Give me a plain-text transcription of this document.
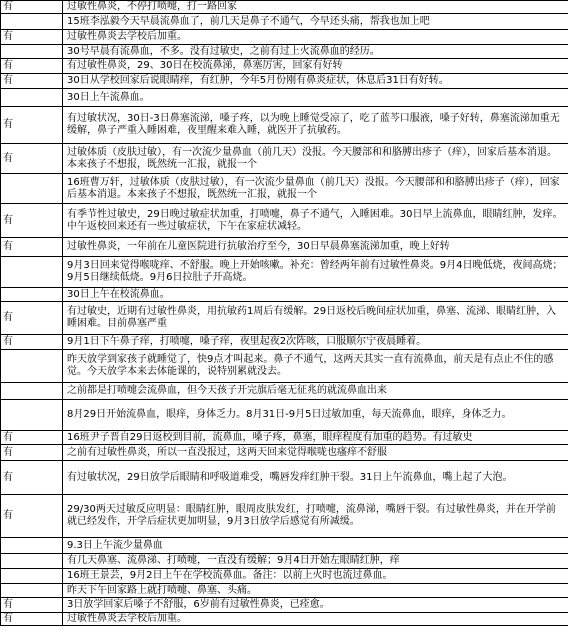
有	过敏性鼻炎，不停打喷嚏，打一路回家
	15班李泓毅今天早晨流鼻血了，前几天是鼻子不通气，今早还头痛，帮我也加上吧
有	过敏性鼻炎去学校后加重。
	30号早晨有流鼻血，不多。没有过敏史，之前有过上火流鼻血的经历。
有	有过敏性鼻炎，29、30日在校流鼻涕，鼻塞厉害，回家有好转
有	30日从学校回家后说眼睛痒，有红肿，今年5月份刚有鼻炎症状，休息后31日有好转。
	30日上午流鼻血。
有	有过敏状况，30日-3日鼻塞流涕，嗓子疼，以为晚上睡觉受凉了，吃了蓝芩口服液，嗓子好转，鼻塞流涕加重无缓解，鼻子严重入睡困难，夜里醒来难入睡，就医开了抗敏药。
有	过敏体质（皮肤过敏），有一次流少量鼻血（前几天）没报。今天腰部和和胳膊出疹子（痒），回家后基本消退。本来孩子不想报，既然统一汇报，就报一个
	16班曹万轩，过敏体质（皮肤过敏），有一次流少量鼻血（前几天）没报。今天腰部和和胳膊出疹子（痒），回家后基本消退。本来孩子不想报，既然统一汇报，就报一个
有	有季节性过敏史，29日晚过敏症状加重，打喷嚏，鼻子不通气，入睡困难。30日早上流鼻血，眼睛红肿，发痒。中午返校回来还有一些过敏症状，下午在家症状减轻。
有	过敏性鼻炎，一年前在儿童医院进行抗敏治疗至今，30日早晨鼻塞流涕加重，晚上好转
	9月3日回来觉得喉咙痒、不舒服。晚上开始咳嗽。补充：曾经两年前有过敏性鼻炎。9月4日晚低烧，夜间高烧；9月5日继续低烧。9月6日拉肚子开高烧。
	30日上午在校流鼻血。
有	有过敏史，近期有过敏性鼻炎，用抗敏药1周后有缓解。29日返校后晚间症状加重，鼻塞、流涕、眼睛红肿，入睡困难。目前鼻塞严重
有	9月1日下午鼻子痒，打喷嚏，嗓子痒，夜里起夜2次阵咳，口服顺尔宁夜晨睡着。
	昨天放学到家孩子就睡觉了，快9点才叫起来。鼻子不通气，这两天其实一直有流鼻血，前天是有点止不住的感觉。今天放学本来去体能课的，说特别累就没去。
	之前都是打喷嚏会流鼻血，但今天孩子开完旗后毫无征兆的就流鼻血出来
	8月29日开始流鼻血，眼痒，身体乏力。8月31日-9月5日过敏加重，每天流鼻血，眼痒，身体乏力。
有	16班尹子晋自29日返校到目前，流鼻血，嗓子疼，鼻塞，眼痒程度有加重的趋势。有过敏史
有	之前有过敏性鼻炎，所以一直没报过，这两天回来觉得喉咙也瘙痒不舒服
有	有过敏状况，29日放学后眼睛和呼吸道难受，嘴唇发痒红肿干裂。31日上午流鼻血，嘴上起了大泡。
有	29/30两天过敏反应明显：眼睛红肿，眼周皮肤发红，打喷嚏，流鼻涕，嘴唇干裂。有过敏性鼻炎，并在开学前就已经发作，开学后症状更加明显，9月3日放学后感觉有所减缓。
	9.3日上午流少量鼻血
	有几天鼻塞、流鼻涕、打喷嚏，一直没有缓解；9月4日开始左眼睛红肿，痒
	16班王景芸，9月2日上午在学校流鼻血。备注：以前上火时也流过鼻血。
	昨天下午回家路上就打喷嚏、鼻塞、头痛。
有	3日放学回家后嗓子不舒服，6岁前有过敏性鼻炎，已痊愈。
有	过敏性鼻炎去学校后加重。
